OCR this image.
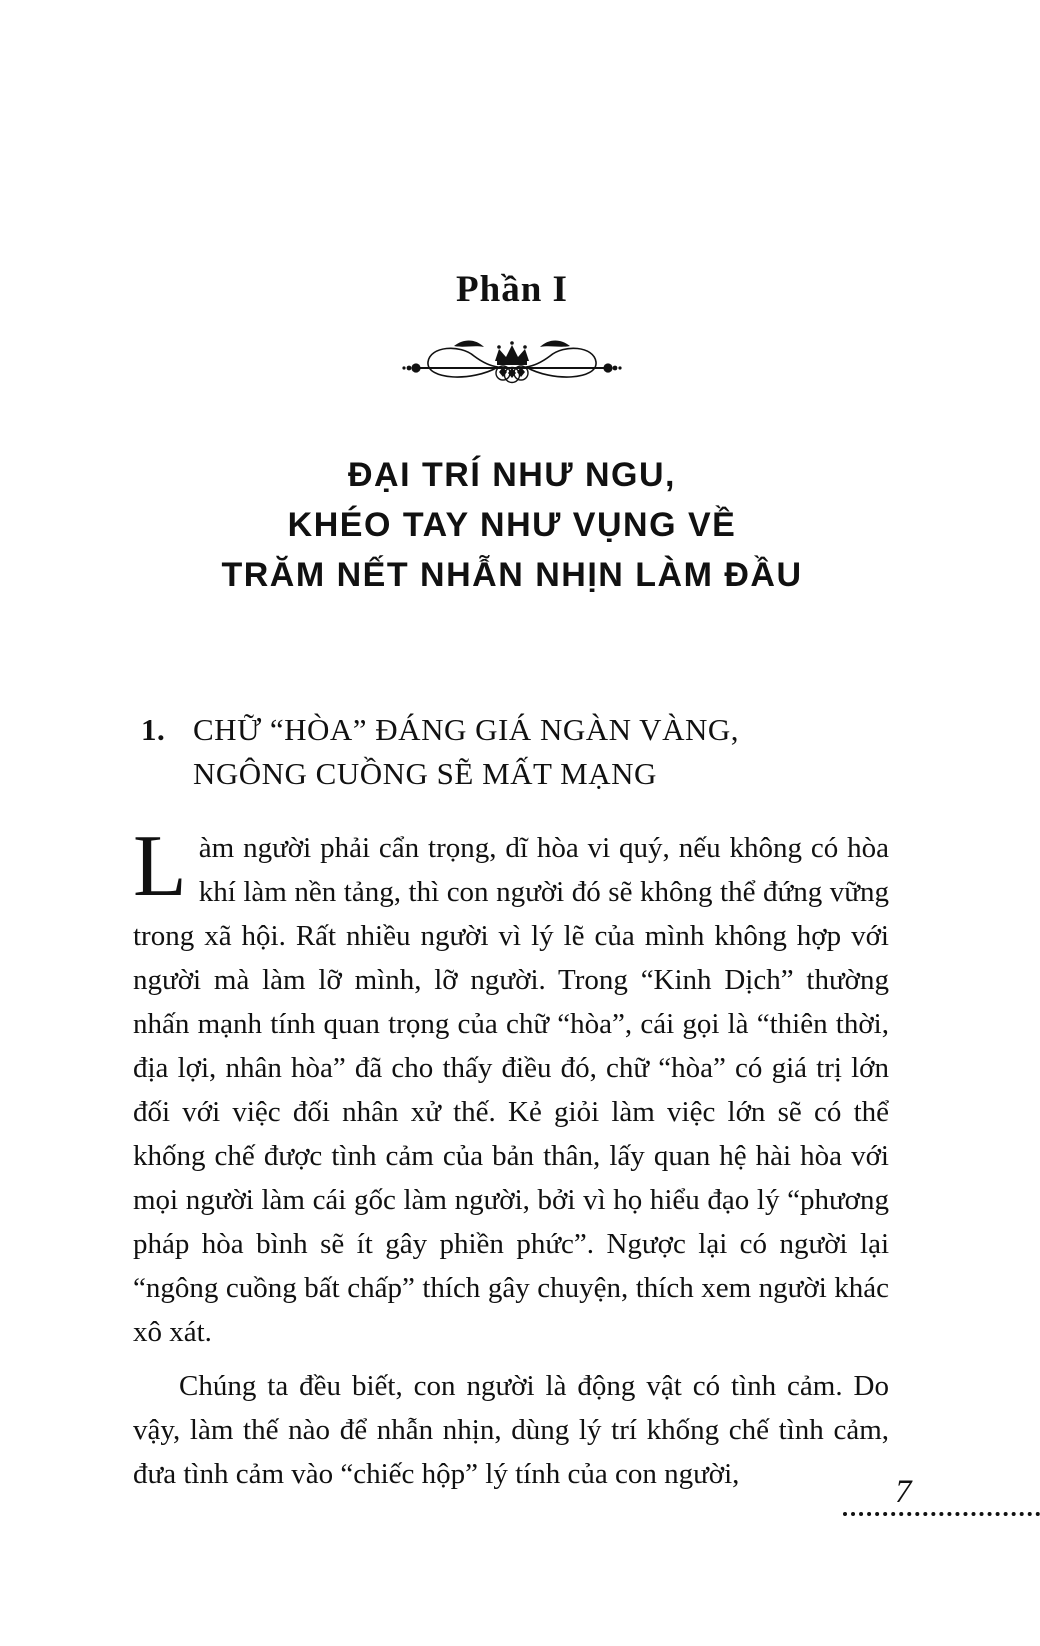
Phần I
ĐẠI TRÍ NHƯ NGU,
KHÉO TAY NHƯ VỤNG VỀ
TRĂM NẾT NHẪN NHỊN LÀM ĐẦU
1. CHỮ “HÒA” ĐÁNG GIÁ NGÀN VÀNG,
NGÔNG CUỒNG SẼ MẤT MẠNG

Làm người phải cẩn trọng, dĩ hòa vi quý, nếu không có hòa khí làm nền tảng, thì con người đó sẽ không thể đứng vững trong xã hội. Rất nhiều người vì lý lẽ của mình không hợp với người mà làm lỡ mình, lỡ người. Trong “Kinh Dịch” thường nhấn mạnh tính quan trọng của chữ “hòa”, cái gọi là “thiên thời, địa lợi, nhân hòa” đã cho thấy điều đó, chữ “hòa” có giá trị lớn đối với việc đối nhân xử thế. Kẻ giỏi làm việc lớn sẽ có thể khống chế được tình cảm của bản thân, lấy quan hệ hài hòa với mọi người làm cái gốc làm người, bởi vì họ hiểu đạo lý “phương pháp hòa bình sẽ ít gây phiền phức”. Ngược lại có người lại “ngông cuồng bất chấp” thích gây chuyện, thích xem người khác xô xát.

Chúng ta đều biết, con người là động vật có tình cảm. Do vậy, làm thế nào để nhẫn nhịn, dùng lý trí khống chế tình cảm, đưa tình cảm vào “chiếc hộp” lý tính của con người,	7
